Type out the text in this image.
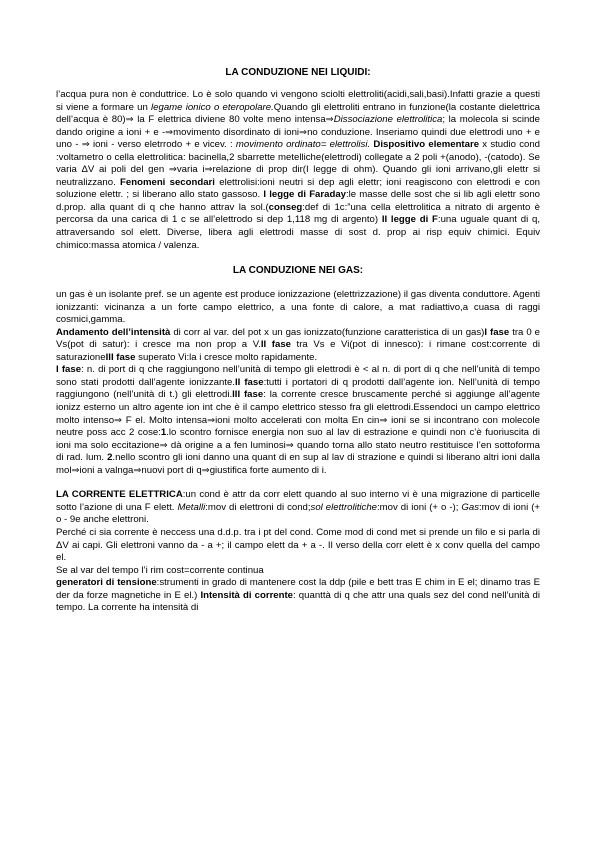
LA CONDUZIONE NEI LIQUIDI:

l’acqua pura non è conduttrice. Lo è solo quando vi vengono sciolti elettroliti(acidi,sali,basi).Infatti grazie a questi si viene a formare un legame ionico o eteropolare.Quando gli elettroliti entrano in funzione(la costante dielettrica dell’acqua è 80)⇒ la F elettrica diviene 80 volte meno intensa⇒Dissociazione elettrolitica; la molecola si scinde dando origine a ioni + e -⇒movimento disordinato di ioni⇒no conduzione. Inseriamo quindi due elettrodi uno + e uno - ⇒ ioni - verso eletrrodo + e vicev. : movimento ordinato= elettrolisi. Dispositivo elementare x studio cond :voltametro o cella elettrolitica: bacinella,2 sbarrette metelliche(elettrodi) collegate a 2 poli +(anodo), -(catodo). Se varia ΔV ai poli del gen ⇒varia i⇒relazione di prop dir(I legge di ohm). Quando gli ioni arrivano,gli elettr si neutralizzano. Fenomeni secondari elettrolisi:ioni neutri si dep agli elettr; ioni reagiscono con elettrodi e con soluzione elettr. ; si liberano allo stato gassoso. I legge di Faraday:le masse delle sost che si lib agli elettr sono d.prop. alla quant di q che hanno attrav la sol.(conseg:def di 1c:”una cella elettrolitica a nitrato di argento è percorsa da una carica di 1 c se all’elettrodo si dep 1,118 mg di argento) II legge di F:una uguale quant di q, attraversando sol elett. Diverse, libera agli elettrodi masse di sost d. prop ai risp equiv chimici. Equiv chimico:massa atomica / valenza.

LA CONDUZIONE NEI GAS:

un gas è un isolante pref. se un agente est produce ionizzazione (elettrizzazione) il gas diventa conduttore. Agenti ionizzanti: vicinanza a un forte campo elettrico, a una fonte di calore, a mat radiattivo,a cuasa di raggi cosmici,gamma.

Andamento dell’intensità di corr al var. del pot x un gas ionizzato(funzione caratteristica di un gas)I fase tra 0 e Vs(pot di satur): i cresce ma non prop a V.II fase tra Vs e Vi(pot di innesco): i rimane cost:corrente di saturazioneIII fase superato Vi:la i cresce molto rapidamente.

I fase: n. di port di q che raggiungono nell’unità di tempo gli elettrodi è < al n. di port di q che nell’unità di tempo sono stati prodotti dall’agente ionizzante.II fase:tutti i portatori di q prodotti dall’agente ion. Nell’unità di tempo raggiungono (nell’unità di t.) gli elettrodi.III fase: la corrente cresce bruscamente perché si aggiunge all’agente ionizz esterno un altro agente ion int che è il campo elettrico stesso fra gli elettrodi.Essendoci un campo elettrico molto intenso⇒ F el. Molto intensa⇒ioni molto accelerati con molta En cin⇒ ioni se si incontrano con molecole neutre poss acc 2 cose:1.lo scontro fornisce energia non suo al lav di estrazione e quindi non c’è fuoriuscita di ioni ma solo eccitazione⇒ dà origine a a fen luminosi⇒ quando torna allo stato neutro restituisce l’en sottoforma di rad. lum. 2.nello scontro gli ioni danno una quant di en sup al lav di strazione e quindi si liberano altri ioni dalla mol⇒ioni a valnga⇒nuovi port di q⇒giustifica forte aumento di i.

LA CORRENTE ELETTRICA:un cond è attr da corr elett quando al suo interno vi è una migrazione di particelle sotto l’azione di una F elett. Metalli:mov di elettroni di cond;sol elettrolitiche:mov di ioni (+ o -); Gas:mov di ioni (+ o - 9e anche elettroni.

Perché ci sia corrente è neccess una d.d.p. tra i pt del cond. Come mod di cond met si prende un filo e si parla di ΔV ai capi. Gli elettroni vanno da - a +; il campo elett da + a -. Il verso della corr elett è x conv quella del campo el.

Se al var del tempo l’i rim cost=corrente continua

generatori di tensione:strumenti in grado di mantenere cost la ddp (pile e bett tras E chim in E el; dinamo tras E der da forze magnetiche in E el.) Intensità di corrente: quanttà di q che attr una quals sez del cond nell’unità di tempo. La corrente ha intensità di
